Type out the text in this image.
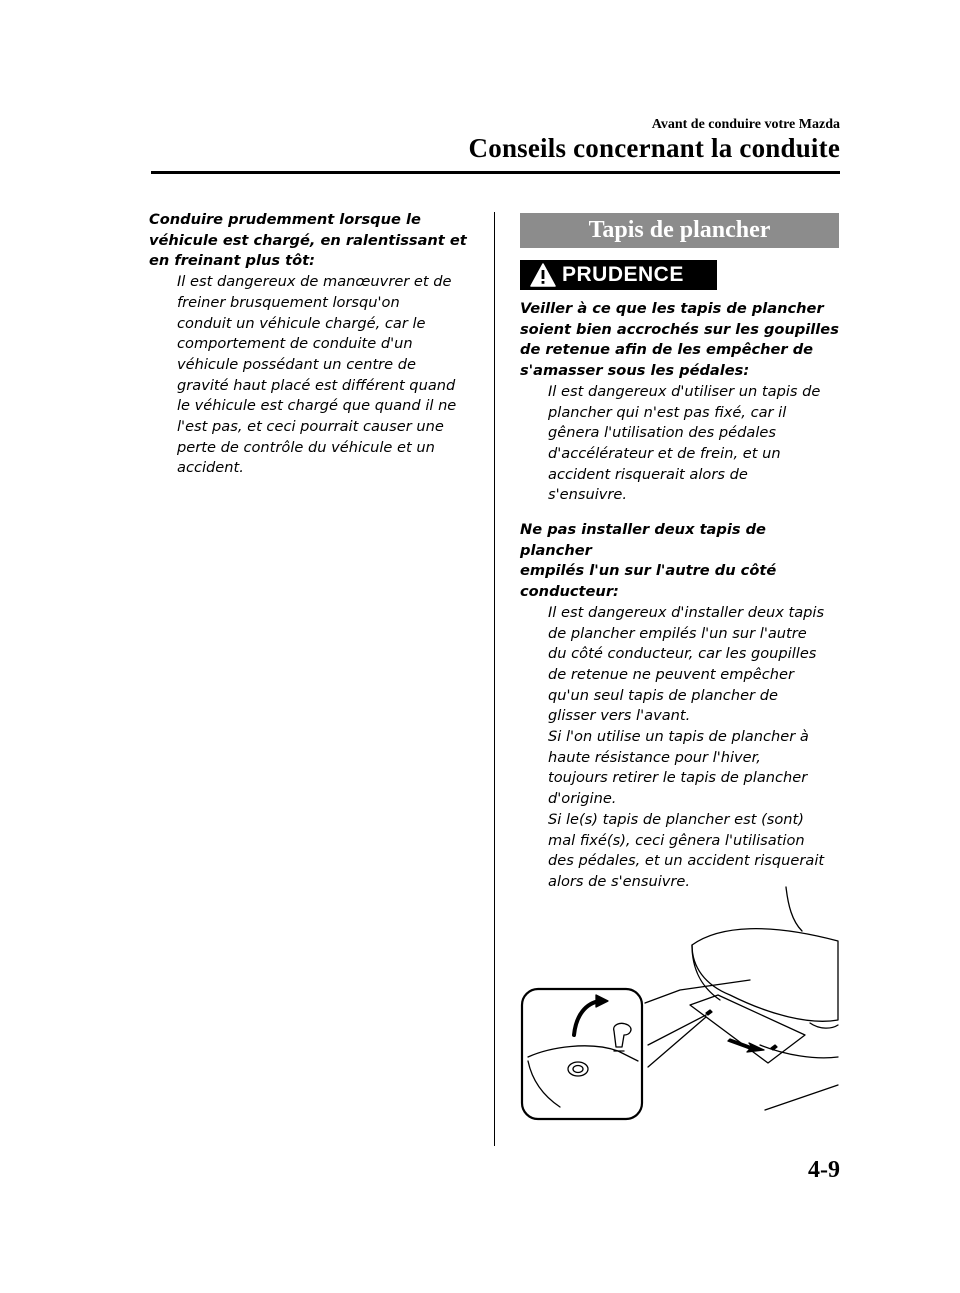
Avant de conduire votre Mazda
Conseils concernant la conduite
Conduire prudemment lorsque le
véhicule est chargé, en ralentissant et
en freinant plus tôt:
Il est dangereux de manœuvrer et de
freiner brusquement lorsqu'on
conduit un véhicule chargé, car le
comportement de conduite d'un
véhicule possédant un centre de
gravité haut placé est différent quand
le véhicule est chargé que quand il ne
l'est pas, et ceci pourrait causer une
perte de contrôle du véhicule et un
accident.
Tapis de plancher
PRUDENCE
Veiller à ce que les tapis de plancher
soient bien accrochés sur les goupilles
de retenue afin de les empêcher de
s'amasser sous les pédales:
Il est dangereux d'utiliser un tapis de
plancher qui n'est pas fixé, car il
gênera l'utilisation des pédales
d'accélérateur et de frein, et un
accident risquerait alors de
s'ensuivre.
Ne pas installer deux tapis de plancher
empilés l'un sur l'autre du côté
conducteur:
Il est dangereux d'installer deux tapis
de plancher empilés l'un sur l'autre
du côté conducteur, car les goupilles
de retenue ne peuvent empêcher
qu'un seul tapis de plancher de
glisser vers l'avant.
Si l'on utilise un tapis de plancher à
haute résistance pour l'hiver,
toujours retirer le tapis de plancher
d'origine.
Si le(s) tapis de plancher est (sont)
mal fixé(s), ceci gênera l'utilisation
des pédales, et un accident risquerait
alors de s'ensuivre.
4-9
